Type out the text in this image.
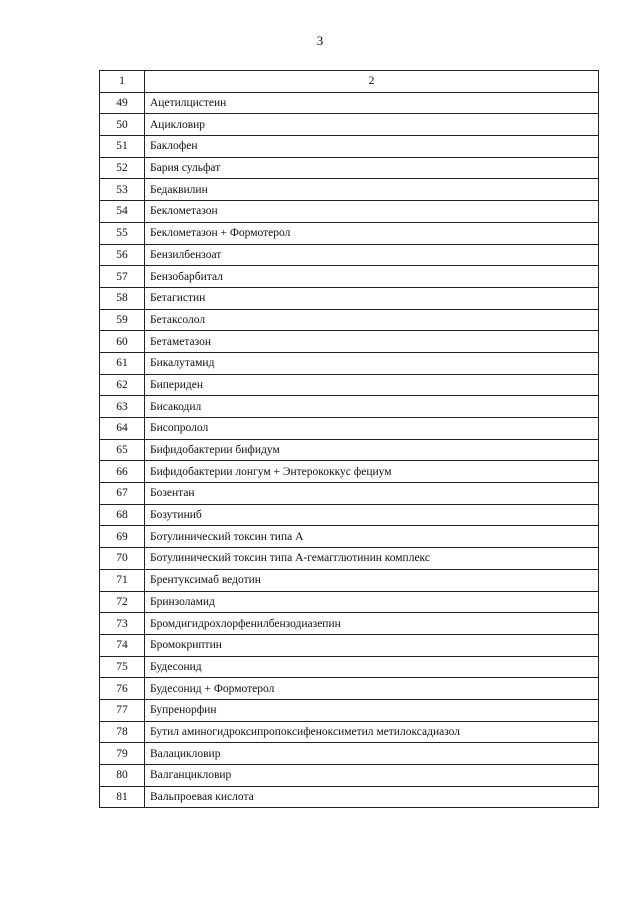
3
1	2
49	Ацетилцистеин
50	Ацикловир
51	Баклофен
52	Бария сульфат
53	Бедаквилин
54	Беклометазон
55	Беклометазон + Формотерол
56	Бензилбензоат
57	Бензобарбитал
58	Бетагистин
59	Бетаксолол
60	Бетаметазон
61	Бикалутамид
62	Бипериден
63	Бисакодил
64	Бисопролол
65	Бифидобактерии бифидум
66	Бифидобактерии лонгум + Энтерококкус фециум
67	Бозентан
68	Бозутиниб
69	Ботулинический токсин типа А
70	Ботулинический токсин типа А-гемагглютинин комплекс
71	Брентуксимаб ведотин
72	Бринзоламид
73	Бромдигидрохлорфенилбензодиазепин
74	Бромокриптин
75	Будесонид
76	Будесонид + Формотерол
77	Бупренорфин
78	Бутил аминогидроксипропоксифеноксиметил метилоксадиазол
79	Валацикловир
80	Валганцикловир
81	Вальпроевая кислота
